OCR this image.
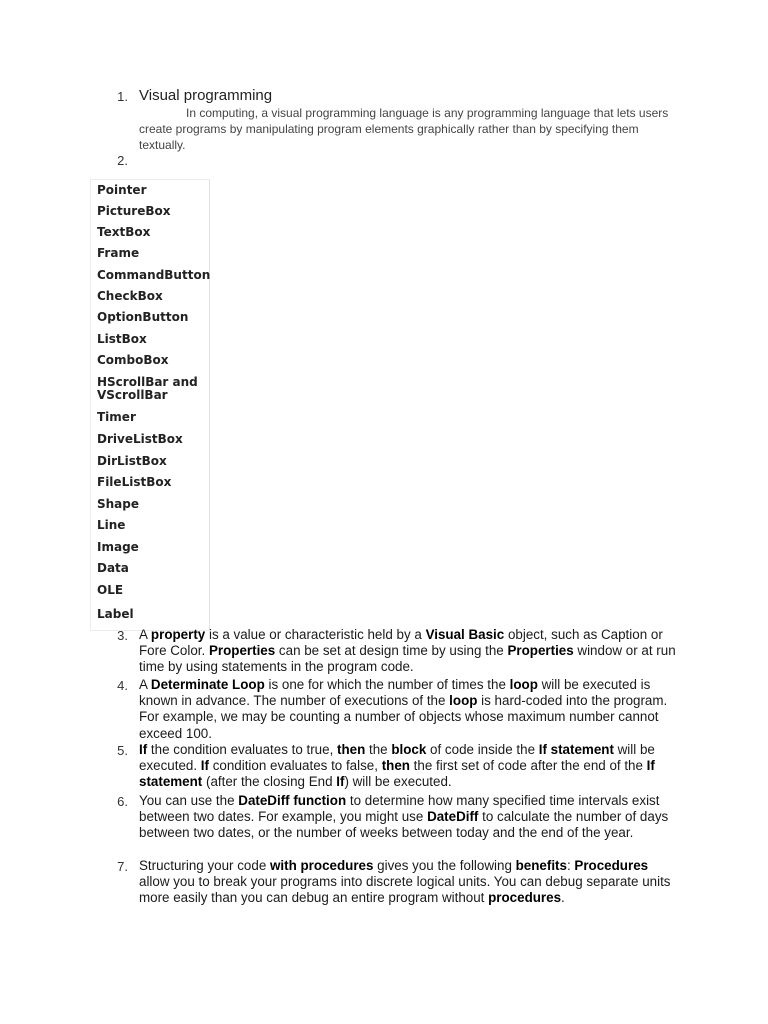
1. Visual programming
In computing, a visual programming language is any programming language that lets users create programs by manipulating program elements graphically rather than by specifying them textually.
2.
Pointer
PictureBox
TextBox
Frame
CommandButton
CheckBox
OptionButton
ListBox
ComboBox
HScrollBar and VScrollBar
Timer
DriveListBox
DirListBox
FileListBox
Shape
Line
Image
Data
OLE
Label
3. A property is a value or characteristic held by a Visual Basic object, such as Caption or Fore Color. Properties can be set at design time by using the Properties window or at run time by using statements in the program code.
4. A Determinate Loop is one for which the number of times the loop will be executed is known in advance. The number of executions of the loop is hard-coded into the program. For example, we may be counting a number of objects whose maximum number cannot exceed 100.
5. If the condition evaluates to true, then the block of code inside the If statement will be executed. If condition evaluates to false, then the first set of code after the end of the If statement (after the closing End If) will be executed.
6. You can use the DateDiff function to determine how many specified time intervals exist between two dates. For example, you might use DateDiff to calculate the number of days between two dates, or the number of weeks between today and the end of the year.
7. Structuring your code with procedures gives you the following benefits: Procedures allow you to break your programs into discrete logical units. You can debug separate units more easily than you can debug an entire program without procedures.
